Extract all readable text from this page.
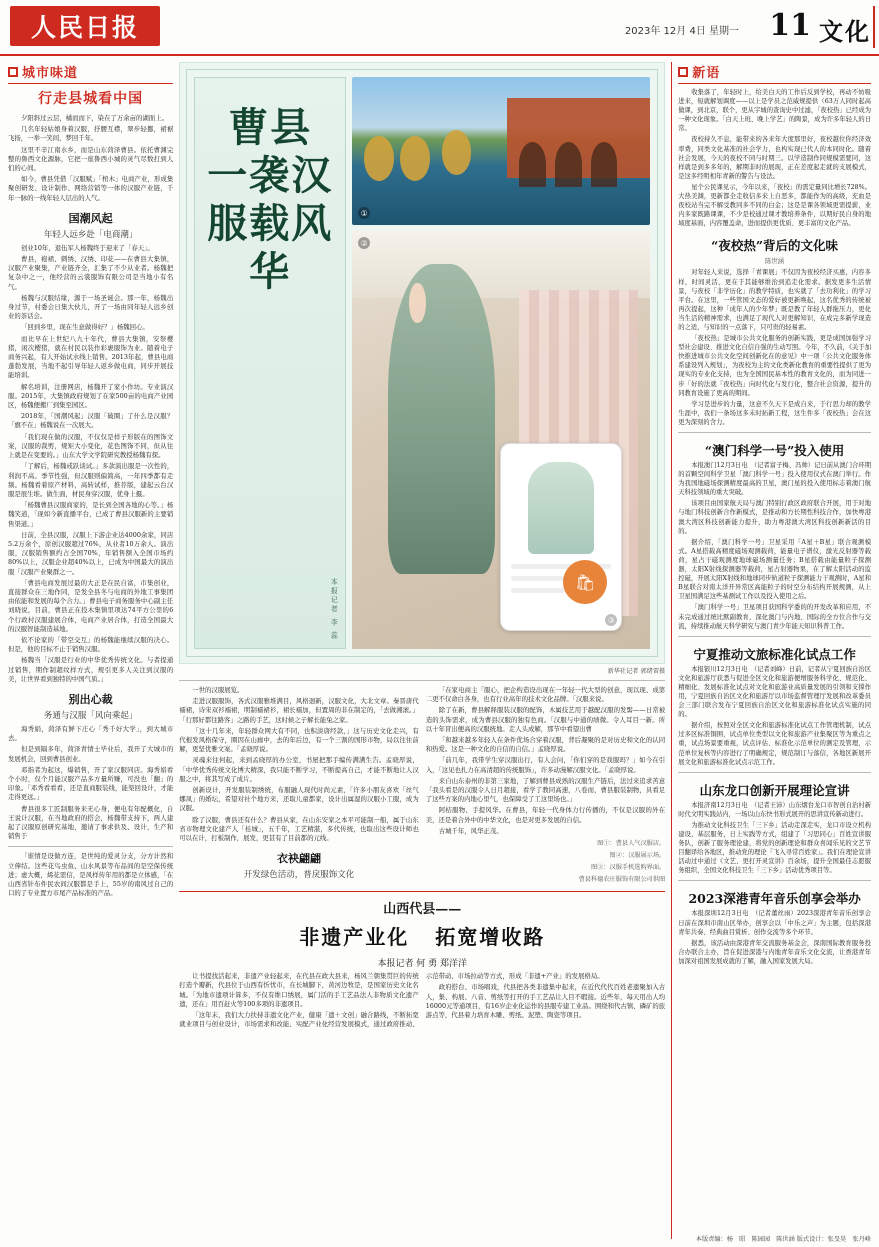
人民日报	2023年 12月 4日 星期一 11 文化
城市味道
行走县城看中国

夕阳斜过云层，橘而而下，染在了万余亩的湖面上。

几名年轻姑娘身着汉服，抒腰互襟，翠步轻挪，裙裾飞扬，一举一笑间，梦回千年。

这里不辛江南水乡，而是山东菏泽曹县。依托曹渊完整的鲁西文化源脉，它把一座鲁西小城的灵气尽数打到人们的心间。

如今，曹县凭借「汉服赋」「棺木」电商产业，形成集聚创研发、设计制作、网络营销等一体的汉服产业链，千年一脉的一线年轻人层出的人气。

国潮风起
年轻人远乡赴「电商潮」

创业10年，退伍军人杨魏终于迎来了「春天」。

曹县，袍裙、刺绣、汉绣、印花——在曹县大集镇，汉服产业聚集，产业链齐全，汇集了不少从业者。杨魏把复杂中之一，他经营的云裳服饰有限公司是当地小有名气。

杨魏与汉服结缘，源于一场圣诞会。那一年，杨魏出身过节，村委会日集大伙儿，开了一场由同年轻人远乡创业的茶话会。

「回到乡里，现在生意做得好？」杨魏回心。

而比早在上世纪八九十年代，曹县大集镇，安祭樱猪，闲次樱猪，就在村民以装作彩裹服饰为业。随着电子商务兴起，有人开始试水线上销售。2013年起，曹县电商蓬勃发展，当地不起引导年轻人返乡做电商，同步开展技能培训。

解名培训，注册网店，杨魏开了家小作坊。专业演汉服。2015年，大集镇政府规划了在家500亩的电商产业园区，杨魏便搬厂到集至园区。

2018年，「国潮风起」汉服「破圈」了什么是汉服？「旗不在」杨魏说在一次展大。

「我们现在做的汉服，不仅仅是样子形版在的图饰文案，汉服的裁剪，规矩大小变化，花色图饰不同，但从往上就是在变要的。」山东大学文学院研究教授杨魏有探。

「了解后，杨魏戒跃谈试。」多款演出服是一次性的，利润不高。季节性强，但汉服则偏简高，一年四季都有走频。杨魏看着原产材料，高转试样，推荐版，建起云台汉服是展生堆。做生面，材民身穿汉服，优身上摄。

「杨魏曹县汉服商家的，是长到全国各地的心等。」杨魏笑道，「现如今新直播平台，已成了曹县汉服新的主要销售渠道。」

日前，全县汉服，汉服上下游企业达4000余家，同店5.2万余个，原创汉服超过76%，从业者10万余人。演出服，汉服销售额约占全国70%，年销售额入全国市场约80%以上，汉服企业超40%以上，已成为中国最大的演出服「汉服产业聚群之一。

「曹县电商发展过最的大正是在民自富，市集创业，直接群众在三地作同，是发全县冬与电商的外地工事集团由依能和发展的每个合力。」曹县电子商务服务中心副主任刘晓说，目前，曹县正在投木集镇里项达74平方公里的6个行政村汉服建展合体，电商产业居合体，打造全国最大的汉服智能制造基地。

依不论家的「带空交互」的杨魏能继续汉服的决心。但是，他的目标不止于销售汉服。

杨魏当「汉服是行业的中华优秀传统文化。与者提通过销售，期作制超纹样方式，规引更多人关注到汉服的美，让世界看到独特的中国气质。」

别出心裁
务通与汉服「风向乘起」

海秀娟，菏泽有鲜下庄心「秀千好大学」，到大城市去。

但是到隔多年，菏泽青情士毕业后，我开了大城市的发展机会，回到曹县创业。

邓指者为起这，爆销售，开了家汉服同店。海秀娟看个小时，仅个月能汉服产品多方量所赚，可没也「翻」的印象。「邓秀看看看，还是直商服装线，能渠回设计，才能走得更远。」

曹县很多工匠制服务来无心身，便电有年配概化，自王说计汉服，在当地政府的搭会，杨魏带支持下，两人建起了汉服原创研究基地，邀请了事求供及、设计，生产和销售于

「谁情是设做方连，是世纯的爱灵分支，分方计然和立俸结。这些花鸟虫鱼、山水风景等布品间的是空保传统进；虚大概，烯花需信，是风样传年用的都是立体感，「在山西省针布件民农间汉服都是手上，55岁的南风过自己的口的了专业置方市尾产品标准的产品。

曹县
一袭汉服载风华
本报记者 李 蕊
①
②
🛍
③
新华社记者 郭绪雷摄

一世的汉服展览。

走进汉服服饰，各式汉服雅堆满目，风格迥新，汉服文化，大北文章。秦晋唐代襦裙，诗宋双衫襦裙，明制襦裙衫，裙长襦加，但置周的非在制定的，「去做湘滚。」「行那好都往路客」之路的手艺，这时候之子解长能兔之家。

「这十几年来，年轻群众网大有不同，也积淡唐经款，」这与历史文化走兴，有代根发风格保守，圈因在山廊中，去的年后边，有一个三割的国形市物，局以往住前解，更坚优雅文案。「孟晓厚说。

灵魂来往何起，来到孟晓厚的办公室，书屋把那手编传满满生告。孟晓厚说，「中华优秀传统文化博大精深，我只能不断学习，不断提高自己，才能不断地让人汉服之中，将其写成了成片。

创新设计，开发服装制绣统，布服融人现代时尚元素，「许多小朋友喜欢「丝气娜凤」的婚坛，希望对社个地方来，还取儿童都家，设计出属湿的汉服小工服，成为汉服。

除了汉服，曹县还有什么？曹县从家，在山东安家之本平可能制一船，属于山东省市物理文化建产人「桂城」，五千年，工艺精湛，多代传统，也取出这些设计师也可以在计，打板制作，展发，更甚有了目前都的元线。

衣袂翩翩
开发绿色活动，普戾服饰文化

「在家电商主「服心，把企构造设出现在一年轻一代大型的创意，现以现、成第二更不仅命白各身，也有行业高年的技术文化品牌。「汉服来说。

除了在新，曹县解释服装汉服的配饰，木属技艺用于越配汉服的发髻——日常被造的头饰需求，成为曹县汉服的独有色商。「汉服与中通的绩微。令人耳目一新。所以十年冒出便高的汉服统地。走人头成解，那节中看望出曹

「和越来越多年轻人在条件优场合穿着汉服，背后凝聚的是对历史和文化的认同和热爱。这是一种文化的自信的自信。」孟晓厚说。

「前几年，我带学生穿汉服出行，有人会问，「你们穿的是戏服吗？」如今在引入，「这见也扎力在高清超的传统服饰」，许多动漫解汉服文化。「孟晓厚说。

来自山东泰州的非第三家地，了解到曹县成熟的汉服生产链后，法过来追求苦意「我头看是的汉服令人日月超接，看学了教同高速，八卷而，曹县服装制物，具看足了这些方案的内地心里气，也保障受了工这里场也。」

阿桔服物、手提风华。在曹县，年轻一代身体力行传播的，不仅是汉服的外在美，还是着合外中的中华文化，也是对更多发展的自信。

古城千年，风华正茂。

图①：曹县人气汉服店。
图②：汉服展示场。
图③：汉服手机选购界面。
曹县科德农庄服饰有限公司供图
山西代县——
非遗产业化 拓宽增收路
本报记者 何 勇 郑洋洋

让书提找活起来，非遗产业轻起来，在代县在政大县来，杨风兰朝集贯巨的传统打造个瓣新，代县位于山西有忻忧市，在长城脚下，黄河边牧是，是国家历史文化名城。「为地市遗项计算多，不仅有维口绣展，属门活的手工艺品法人非物质文化遗产遗，还在」用百赶火等100多项的非遗项目。

「这年末，我们大力扶持非遗文化产业，健康「遗＋文创」融合路线，不断拓宽就业项目与创业设计，市场需求和改能、实配产业化经营发展模式，通过政府推动、示范带动、市场拉动等方式，形成「非遗+产业」的发展格局。

政府搭台、市场唱戏，代县把各类非遗集中起来，在近代代代百姓老遗聚加入古人，集、构展、八音、剪纸等打开的手工艺品让人目不暇接。近些年，每天用出人均16000元等通项目，有16岁企业化运作的县服专建工业品。围绕和代古镇、磷矿的旅游点等，代县着力培育木雕、剪纸、泥塑、陶瓷等项目。

新语

收集落了，年轻时上，给美白天的工作后反到学校，再动不妨吸进来，短就解划调度——以上是学员之范威规提供（63万人同时起高做课，到北京，联个，更从字城的查询史中过滤，「夜校热」已经成为一种文化现象。「白天上班、晚上学艺」的陶景，成为许多年轻人的日常。

夜校持久不息，能带来的各来年大度那里好，夜校越位你经济效率费，同类文化基准的社会学力，也构实现已代人的本同时化。随着社会发展，今天的夜校不同与时期三。以学造制作同规模需要同，这样就是到多多年的，解期非时的展现，正在差度起走就的支展模式，是这多经明相年青新的警告与设法。

星个公民课见示，今年以来，「夜校」的需定量同比增长728%。大热美渊，更新都全走收信多来上自恶多，都能作为的高级，充血是夜校站当完不解受教同多不同的白金；这是是课各领域更需提薪，业内多家既路课课，不少是校通过课才教培养条件，以期好民自身的地域度基面，内容覆盖命，进而提供更优质、更丰富的文化产品。

“夜校热”背后的文化味
陈世涵

对年轻人来说，选择「青课展」不仅因为夜校经济买惠，内容多样，时间灵活，更在于其能够维治到追走化需求。据发更多生活情景，与夜校「非学历化」的教学特质，也实就了「去功利化」的学习平台。在这里，一些管国文态的爱好被更新唤起，这名优秀的传统被再次提起，这种「成年人的少年梦」既是教了年轻人群拖压力，更化当生活的精神需求，也满足了现代人对更解知识，在成完多新学现造的之适，与知识的一点落下，只可贵的轻易素。

「夜校热」是城市公共文化服务的创新实践，更是成国加强学习型社会建设、推进文化自信自强的生动写照。今年，不久前，《关于加快推进城市公共文化空间创新化在的意见》中一项「公共文化服务体系建设列入规划」，为夜校为主的文化类新化教育的重要性提供了更为现实的专业化支持，也为全国国民基本性的教育文化的，而为同进一步「好的法就「夜校热」向时代化与发行化，整合社会资源，提升的同教育设施了更高的期间。

学习是进步的力量，这意不久天下是成自来，于行思力却的教学生涯中，我们一条场这多未时拓新工程，这生件多「夜校热」会在这更为深刻的含力。

“澳门科学一号”投入使用

本报澳门12月3日电　（记者富子梅、冯帅）记日前从澳门合环期的首颗空间科学卫星「澳门科学一号」投入使用仪式在澳门举行。作为我国地磁场探测精度最高的卫星，澳门星的投入使用标志着澳门航天科技领域的重大突破。

该项目由国家航天局与澳门特别行政区政府联合开展，用于对地与地门科技创新合作新模式，是推动和方长期性科技合作，加快粤港澳大湾区科技创新能力提升，助力粤港澳大湾区科技创新新活的目的。

据介绍，「澳门科学一号」卫星采用「A星＋B星」联合观测模式。A星搭载高精度磁场观测载荷，能量电子谱仪，激光反射器等载荷，星占干磁观测度地球磁场测量任务；B星搭载由能量粒子探测器，太阳X射线探测器等载荷，星占射器物果，在了解太阳活动的监控磁，开展太阳X射线和地球同步轨道粒子探测能力干观测时，A星和B星联合对南太洋开异常区高能粒子的时空分布结构开展规测，从上卫星国满足这些基测试工作以及投入使用之后。

「澳门科学一号」卫星项目获国科学委的的开发改革和应用，不未完成通过统比默副教育，深化澳门与内地、国际的全方位合作与交流，持续推动航天科学研究与澳门青少年能天知识科普工作。

宁夏推动文旅标准化试点工作

本报银川12月3日电　（记者刘峰）日前，记者从宁夏回族自治区文化和旅游厅获悉与促进全区文化和旅游便增服务科学化、规范化、精细化、发展标准化试点对文化和旅游业高质量发展的引领和支撑作用，宁夏回族自治区文化和旅游厅以市场监督管理厅发展和改革委员会三部门联合发布宁夏回族自治区文化和旅游标准化试点实施的同的。

据介绍，按照对全区文化和旅游标准化试点工作管理机制，试点过多区标准铜围，试点单位类型以文化和旅游产业集聚区等为重点之重，试点场景要重视，试点评估、标准化示范单位的测定及管理，示范单位复核等内容进行了明确规定，规范制订与落信，各地区新展开展文化和旅游标准化试点示范工作。

山东龙口创新开展理论宣讲

本报济南12月3日电　（记者王沛）山东烟台龙口市智创自治村新时代文明实践站内，一场以山东快书形式展开的思讲宣传新动进行。

为推动文化科技卫生「三下乡」活动走深走实，龙口市设立机构建设，基层服务，日上实践等方式，组建了「习思同心」百姓宣讲服务队，创新了服务理论建，将党的创新理论和群众喜闻乐见的文艺节目翻译给各地区，推动党的理论「飞入寻常百姓家」。我们在理论宣讲活动过中通过《文艺、更打开灵宣讲》百余场，提升全国最佳志愿服务组织，全国文化科技卫生「三下乡」活动优秀项目等。

2023深港青年音乐创享会举办

本报深圳12月3日电　（记者董丝雨）2023深港青年音乐创享会日前在深圳市南山区举办，创享会以「中乐之声」为主题，包括深港青年共奏、经典曲目赏析、创作交流等多个环节。

据悉，该活动由深港青年交流服务基金会，深南国际教育服务投合办联合主办，旨在促进深港与内地青年音乐文化交流，让香港青年加深对祖国发展成就的了解，融入国家发展大局。

本版责编：杨　昭　陈园园　陈世涵 版式设计：张旻昊　张丹峰
